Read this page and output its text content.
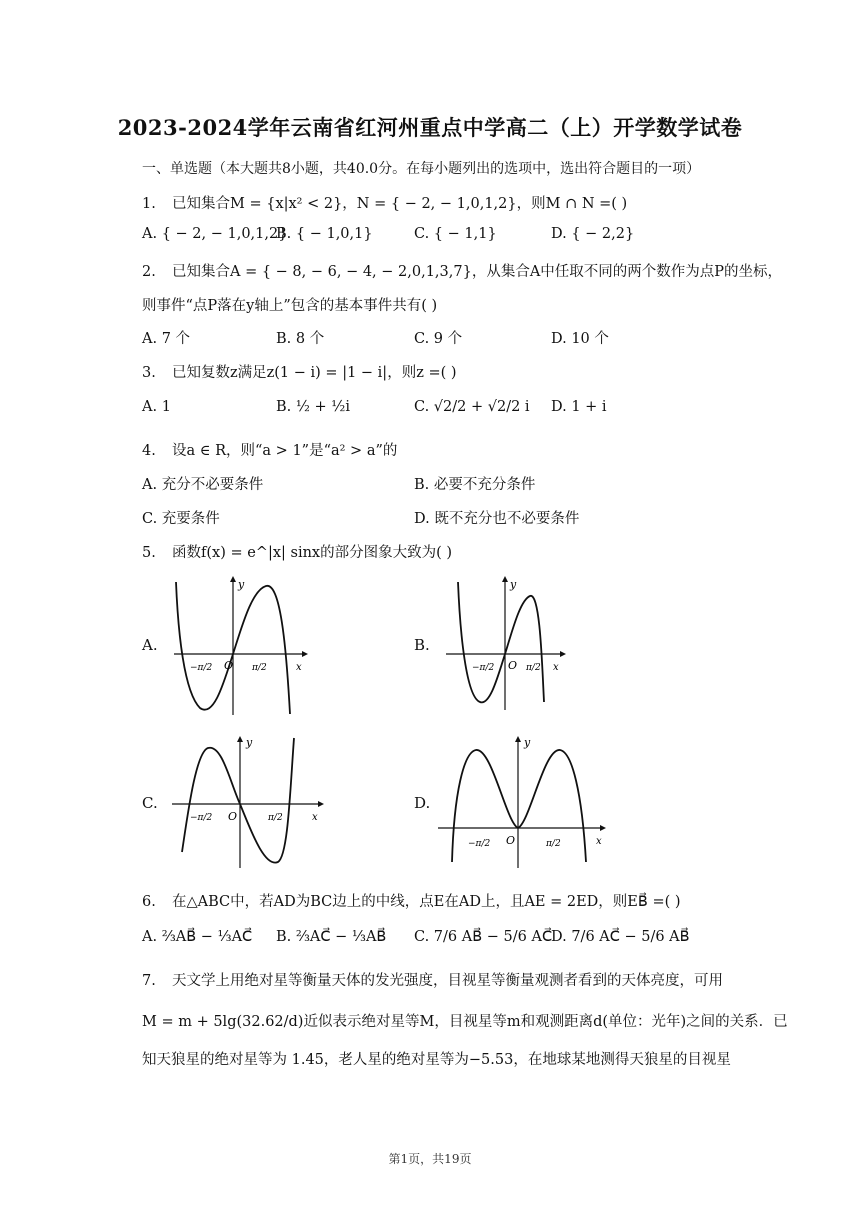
2023-2024学年云南省红河州重点中学高二（上）开学数学试卷
一、单选题（本大题共8小题，共40.0分。在每小题列出的选项中，选出符合题目的一项）
1. 已知集合M = {x|x² < 2}，N = { − 2, − 1,0,1,2}，则M ∩ N =( )
A. { − 2, − 1,0,1,2}
B. { − 1,0,1}	C. { − 1,1}	D. { − 2,2}
2. 已知集合A = { − 8, − 6, − 4, − 2,0,1,3,7}，从集合A中任取不同的两个数作为点P的坐标，
则事件“点P落在y轴上”包含的基本事件共有( )
A. 7 个	B. 8 个	C. 9 个	D. 10 个
3. 已知复数z满足z(1 − i) = |1 − i|，则z =( )
A. 1	B. ½ + ½i	C. √2/2 + √2/2 i D. 1 + i
4. 设a ∈ R，则“a > 1”是“a² > a”的
A. 充分不必要条件	B. 必要不充分条件
C. 充要条件	D. 既不充分也不必要条件
5. 函数f(x) = e^|x| sinx的部分图象大致为( )
A.
y
x
O
−π/2	π/2
B.
y
x
O
−π/2	π/2
C.
y
x
O
−π/2	π/2
D.
y
x
O
−π/2	π/2
6. 在△ABC中，若AD为BC边上的中线，点E在AD上，且AE = 2ED，则EB⃗ =( )
A. ⅔AB⃗ − ⅓AC⃗ B. ⅔AC⃗ − ⅓AB⃗ C. 7/6 AB⃗ − 5/6 AC⃗
D. 7/6 AC⃗ − 5/6 AB⃗
7. 天文学上用绝对星等衡量天体的发光强度，目视星等衡量观测者看到的天体亮度，可用
M = m + 5lg(32.62/d)近似表示绝对星等M，目视星等m和观测距离d(单位：光年)之间的关系．已
知天狼星的绝对星等为 1.45，老人星的绝对星等为−5.53，在地球某地测得天狼星的目视星
第1页，共19页
